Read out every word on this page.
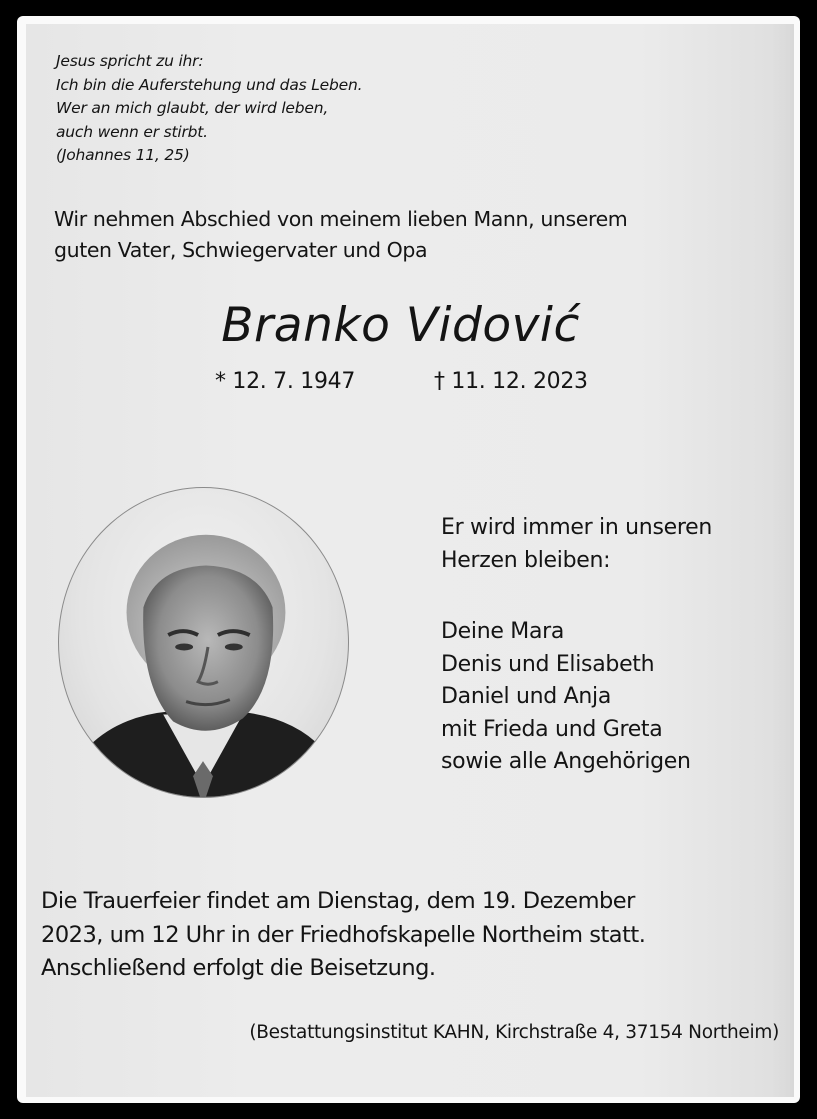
Jesus spricht zu ihr:
Ich bin die Auferstehung und das Leben.
Wer an mich glaubt, der wird leben,
auch wenn er stirbt.
(Johannes 11, 25)
Wir nehmen Abschied von meinem lieben Mann, unserem
guten Vater, Schwiegervater und Opa
Branko Vidović
* 12. 7. 1947	† 11. 12. 2023
Er wird immer in unseren
Herzen bleiben:
Deine Mara
Denis und Elisabeth
Daniel und Anja
mit Frieda und Greta
sowie alle Angehörigen
Die Trauerfeier findet am Dienstag, dem 19. Dezember
2023, um 12 Uhr in der Friedhofskapelle Northeim statt.
Anschließend erfolgt die Beisetzung.
(Bestattungsinstitut KAHN, Kirchstraße 4, 37154 Northeim)
